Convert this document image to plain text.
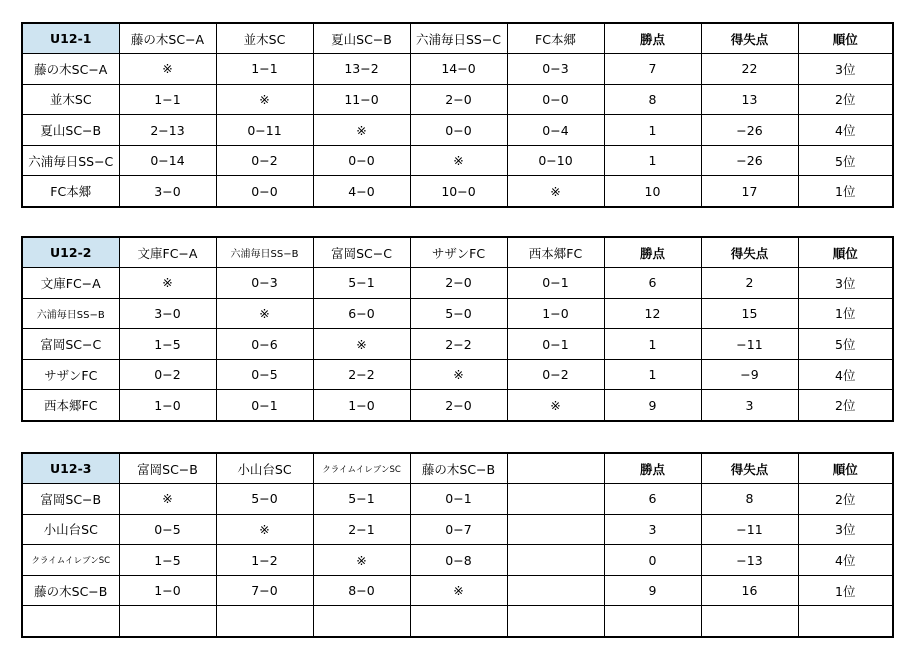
U12-1	藤の木SC−A	並木SC	夏山SC−B	六浦毎日SS−C	FC本郷	勝点	得失点	順位
藤の木SC−A	※	1−1	13−2	14−0	0−3	7	22	3位
並木SC	1−1	※	11−0	2−0	0−0	8	13	2位
夏山SC−B	2−13	0−11	※	0−0	0−4	1	−26	4位
六浦毎日SS−C	0−14	0−2	0−0	※	0−10	1	−26	5位
FC本郷	3−0	0−0	4−0	10−0	※	10	17	1位
U12-2	文庫FC−A	六浦毎日SS−B	富岡SC−C	サザンFC	西本郷FC	勝点	得失点	順位
文庫FC−A	※	0−3	5−1	2−0	0−1	6	2	3位
六浦毎日SS−B	3−0	※	6−0	5−0	1−0	12	15	1位
富岡SC−C	1−5	0−6	※	2−2	0−1	1	−11	5位
サザンFC	0−2	0−5	2−2	※	0−2	1	−9	4位
西本郷FC	1−0	0−1	1−0	2−0	※	9	3	2位
U12-3	富岡SC−B	小山台SC	クライムイレブンSC	藤の木SC−B		勝点	得失点	順位
富岡SC−B	※	5−0	5−1	0−1		6	8	2位
小山台SC	0−5	※	2−1	0−7		3	−11	3位
クライムイレブンSC	1−5	1−2	※	0−8		0	−13	4位
藤の木SC−B	1−0	7−0	8−0	※		9	16	1位
